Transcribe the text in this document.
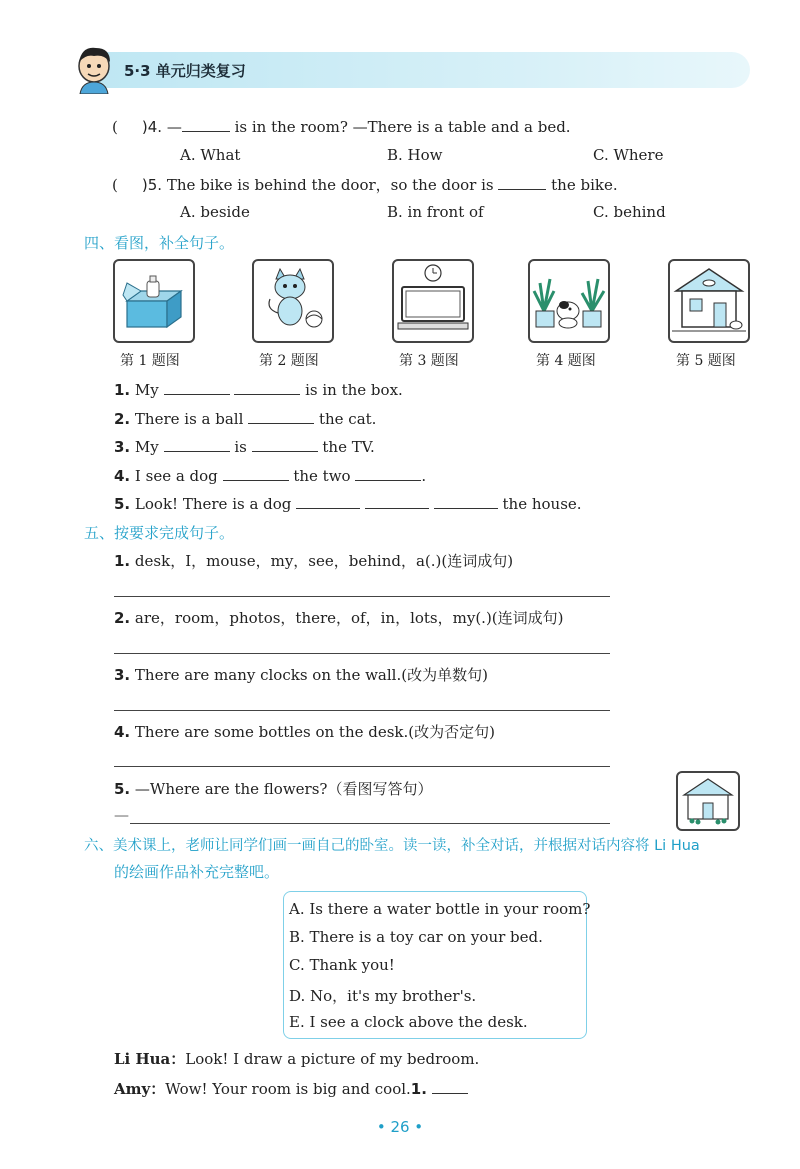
5·3 单元归类复习
( )4. —	is in the room? —There is a table and a bed.
A. What	B. How	C. Where
( )5. The bike is behind the door，so the door is	the bike.
A. beside	B. in front of	C. behind
四、看图，补全句子。
第 1 题图	第 2 题图	第 3 题图	第 4 题图	第 5 题图
1. My	is in the box.
2. There is a ball	the cat.
3. My	is	the TV.
4. I see a dog	the two	.
5. Look! There is a dog	the house.
五、按要求完成句子。
1. desk，I，mouse，my，see，behind，a(.)(连词成句)
2. are，room，photos，there，of，in，lots，my(.)(连词成句)
3. There are many clocks on the wall.(改为单数句)
4. There are some bottles on the desk.(改为否定句)
5. —Where are the flowers?（看图写答句）
—
六、美术课上，老师让同学们画一画自己的卧室。读一读，补全对话，并根据对话内容将 Li Hua
的绘画作品补充完整吧。
A. Is there a water bottle in your room?
B. There is a toy car on your bed.
C. Thank you!
D. No，it's my brother's.
E. I see a clock above the desk.
Li Hua：Look! I draw a picture of my bedroom.
Amy：Wow! Your room is big and cool.1.
• 26 •
